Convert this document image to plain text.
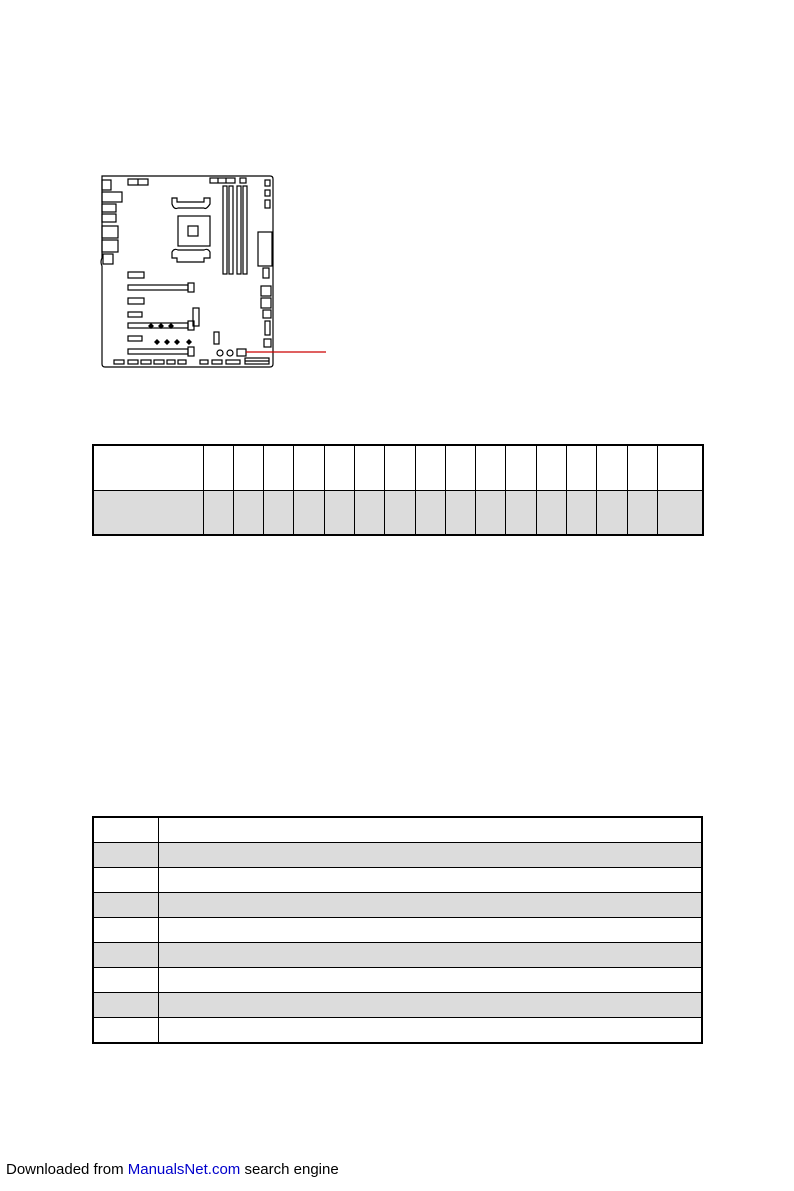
Downloaded from ManualsNet.com search engine
